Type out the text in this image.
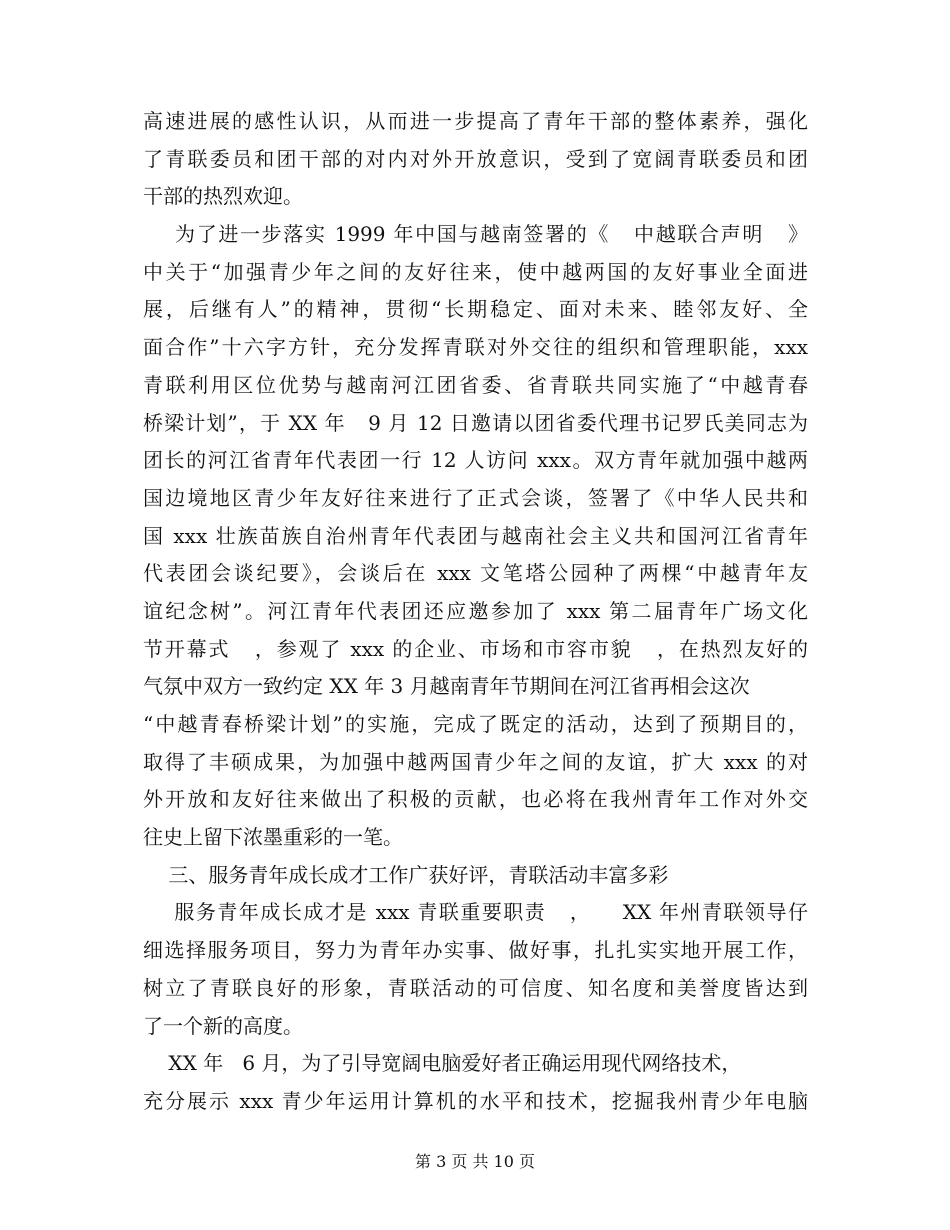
高速进展的感性认识，从而进一步提高了青年干部的整体素养，强化
了青联委员和团干部的对内对外开放意识，受到了宽阔青联委员和团
干部的热烈欢迎。
为了进一步落实 1999 年中国与越南签署的《   中越联合声明   》
中关于“加强青少年之间的友好往来，使中越两国的友好事业全面进
展，后继有人”的精神，贯彻“长期稳定、面对未来、睦邻友好、全
面合作”十六字方针，充分发挥青联对外交往的组织和管理职能，xxx
青联利用区位优势与越南河江团省委、省青联共同实施了“中越青春
桥梁计划”，于 XX 年   9 月 12 日邀请以团省委代理书记罗氏美同志为
团长的河江省青年代表团一行 12 人访问 xxx。双方青年就加强中越两
国边境地区青少年友好往来进行了正式会谈，签署了《中华人民共和
国 xxx 壮族苗族自治州青年代表团与越南社会主义共和国河江省青年
代表团会谈纪要》，会谈后在 xxx 文笔塔公园种了两棵“中越青年友
谊纪念树”。河江青年代表团还应邀参加了 xxx 第二届青年广场文化
节开幕式   ，参观了 xxx 的企业、市场和市容市貌   ，在热烈友好的
气氛中双方一致约定 XX 年 3 月越南青年节期间在河江省再相会这次
“中越青春桥梁计划”的实施，完成了既定的活动，达到了预期目的，
取得了丰硕成果，为加强中越两国青少年之间的友谊，扩大 xxx 的对
外开放和友好往来做出了积极的贡献，也必将在我州青年工作对外交
往史上留下浓墨重彩的一笔。
三、服务青年成长成才工作广获好评，青联活动丰富多彩
服务青年成长成才是 xxx 青联重要职责   ，    XX 年州青联领导仔
细选择服务项目，努力为青年办实事、做好事，扎扎实实地开展工作，
树立了青联良好的形象，青联活动的可信度、知名度和美誉度皆达到
了一个新的高度。
XX 年   6 月，为了引导宽阔电脑爱好者正确运用现代网络技术，
充分展示 xxx 青少年运用计算机的水平和技术，挖掘我州青少年电脑
第 3 页 共 10 页
